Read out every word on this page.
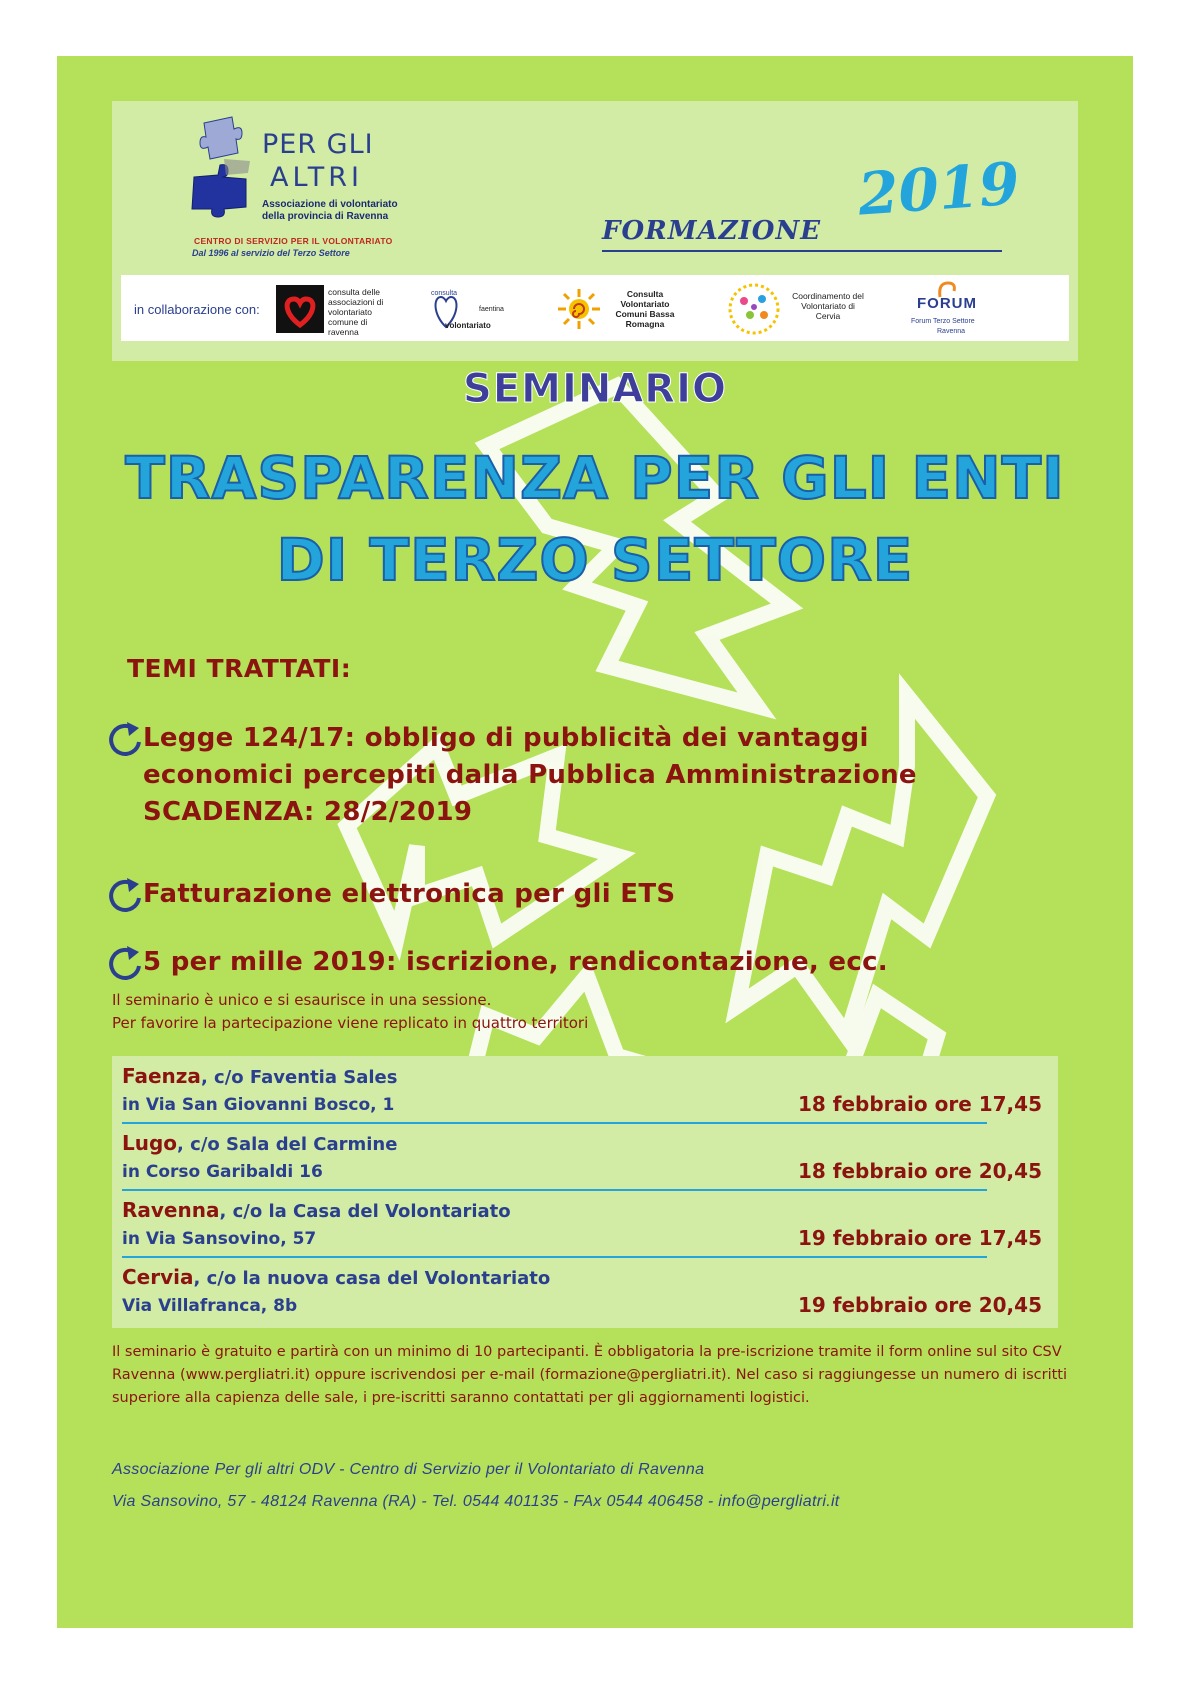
PER GLI
ALTRI
Associazione di volontariato
della provincia di Ravenna
CENTRO DI SERVIZIO PER IL VOLONTARIATO
Dal 1996 al servizio del Terzo Settore
FORMAZIONE
2019
in collaborazione con:
consulta delle associazioni di volontariato comune di ravenna
consulta
faentina
volontariato
Consulta Volontariato Comuni Bassa Romagna
Coordinamento del Volontariato di Cervia
FORUM
Forum Terzo Settore
Ravenna
SEMINARIO
TRASPARENZA PER GLI ENTI
DI TERZO SETTORE
TEMI TRATTATI:
Legge 124/17: obbligo di pubblicità dei vantaggi
economici percepiti dalla Pubblica Amministrazione
SCADENZA: 28/2/2019
Fatturazione elettronica per gli ETS
5 per mille 2019: iscrizione, rendicontazione, ecc.
Il seminario è unico e si esaurisce in una sessione.
Per favorire la partecipazione viene replicato in quattro territori
Faenza, c/o Faventia Sales
in Via San Giovanni Bosco, 1	18 febbraio ore 17,45
Lugo, c/o Sala del Carmine
in Corso Garibaldi 16	18 febbraio ore 20,45
Ravenna, c/o la Casa del Volontariato
in Via Sansovino, 57	19 febbraio ore 17,45
Cervia, c/o la nuova casa del Volontariato
Via Villafranca, 8b	19 febbraio ore 20,45
Il seminario è gratuito e partirà con un minimo di 10 partecipanti. È obbligatoria la pre-iscrizione tramite il form online sul sito CSV Ravenna (www.pergliatri.it) oppure iscrivendosi per e-mail (formazione@pergliatri.it). Nel caso si raggiungesse un numero di iscritti superiore alla capienza delle sale, i pre-iscritti saranno contattati per gli aggiornamenti logistici.
Associazione Per gli altri ODV - Centro di Servizio per il Volontariato di Ravenna
Via Sansovino, 57 - 48124 Ravenna (RA) - Tel. 0544 401135 - FAx 0544 406458 - info@pergliatri.it
